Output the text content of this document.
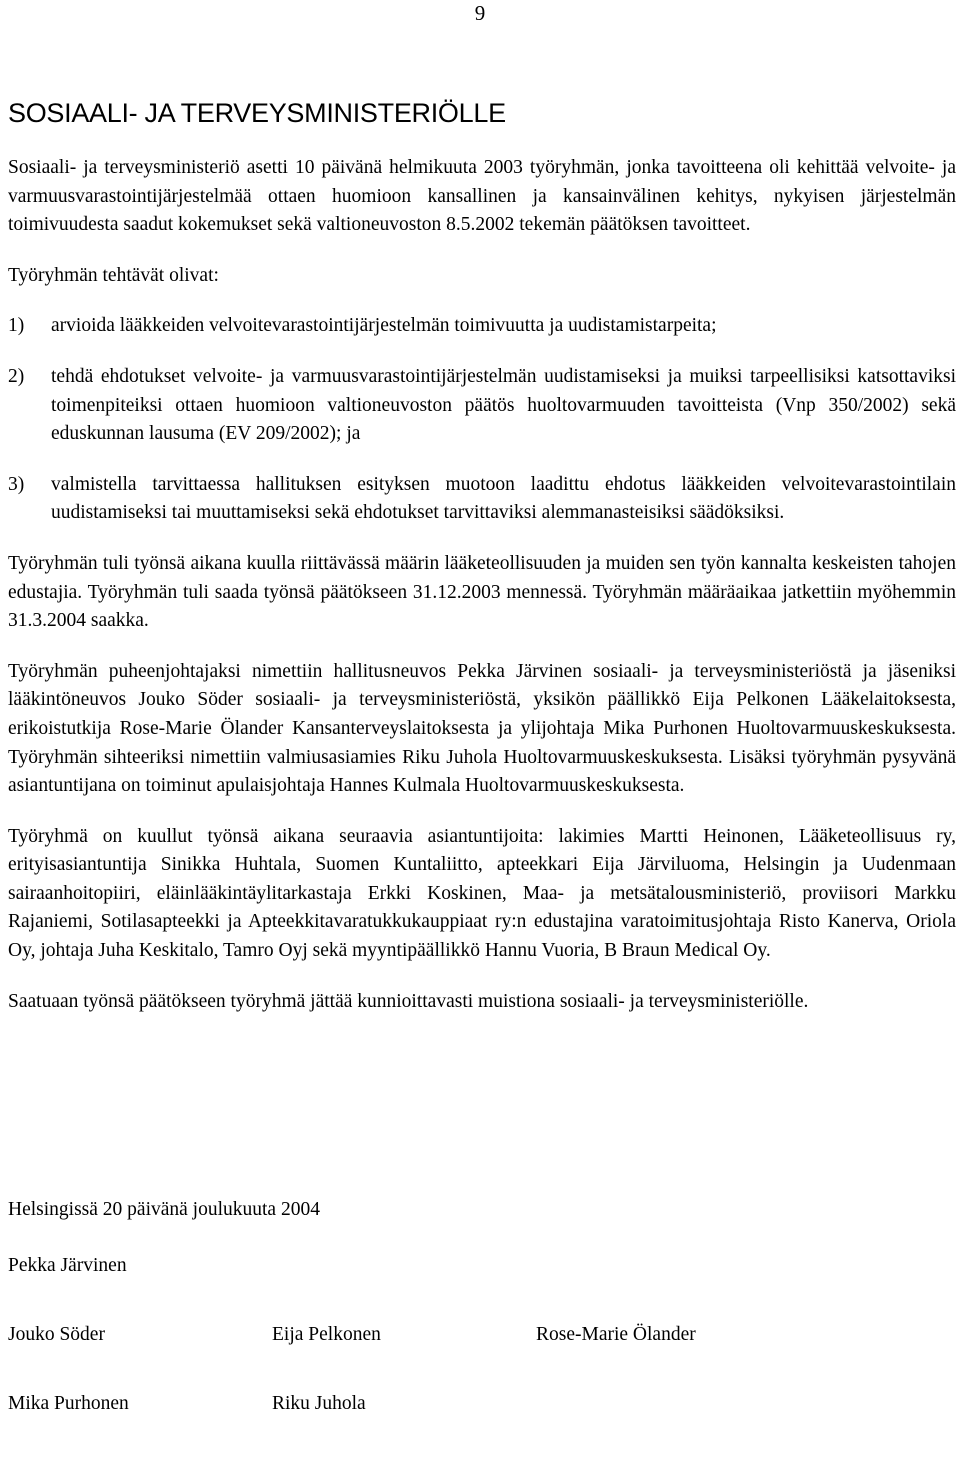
9
SOSIAALI- JA TERVEYSMINISTERIÖLLE

Sosiaali- ja terveysministeriö asetti 10 päivänä helmikuuta 2003 työryhmän, jonka tavoitteena oli kehittää velvoite- ja varmuusvarastointijärjestelmää ottaen huomioon kansallinen ja kansainvälinen kehitys, nykyisen järjestelmän toimivuudesta saadut kokemukset sekä valtioneuvoston 8.5.2002 tekemän päätöksen tavoitteet.

Työryhmän tehtävät olivat:

1) arvioida lääkkeiden velvoitevarastointijärjestelmän toimivuutta ja uudistamistarpeita;
2) tehdä ehdotukset velvoite- ja varmuusvarastointijärjestelmän uudistamiseksi ja muiksi tarpeellisiksi katsottaviksi toimenpiteiksi ottaen huomioon valtioneuvoston päätös huoltovarmuuden tavoitteista (Vnp 350/2002) sekä eduskunnan lausuma (EV 209/2002); ja
3) valmistella tarvittaessa hallituksen esityksen muotoon laadittu ehdotus lääkkeiden velvoitevarastointilain uudistamiseksi tai muuttamiseksi sekä ehdotukset tarvittaviksi alemmanasteisiksi säädöksiksi.

Työryhmän tuli työnsä aikana kuulla riittävässä määrin lääketeollisuuden ja muiden sen työn kannalta keskeisten tahojen edustajia. Työryhmän tuli saada työnsä päätökseen 31.12.2003 mennessä. Työryhmän määräaikaa jatkettiin myöhemmin 31.3.2004 saakka.

Työryhmän puheenjohtajaksi nimettiin hallitusneuvos Pekka Järvinen sosiaali- ja terveysministeriöstä ja jäseniksi lääkintöneuvos Jouko Söder sosiaali- ja terveysministeriöstä, yksikön päällikkö Eija Pelkonen Lääkelaitoksesta, erikoistutkija Rose-Marie Ölander Kansanterveyslaitoksesta ja ylijohtaja Mika Purhonen Huoltovarmuuskeskuksesta. Työryhmän sihteeriksi nimettiin valmiusasiamies Riku Juhola Huoltovarmuuskeskuksesta. Lisäksi työryhmän pysyvänä asiantuntijana on toiminut apulaisjohtaja Hannes Kulmala Huoltovarmuuskeskuksesta.

Työryhmä on kuullut työnsä aikana seuraavia asiantuntijoita: lakimies Martti Heinonen, Lääketeollisuus ry, erityisasiantuntija Sinikka Huhtala, Suomen Kuntaliitto, apteekkari Eija Järviluoma, Helsingin ja Uudenmaan sairaanhoitopiiri, eläinlääkintäylitarkastaja Erkki Koskinen, Maa- ja metsätalousministeriö, proviisori Markku Rajaniemi, Sotilasapteekki ja Apteekkitavaratukkukauppiaat ry:n edustajina varatoimitusjohtaja Risto Kanerva, Oriola Oy, johtaja Juha Keskitalo, Tamro Oyj sekä myyntipäällikkö Hannu Vuoria, B Braun Medical Oy.

Saatuaan työnsä päätökseen työryhmä jättää kunnioittavasti muistiona sosiaali- ja terveysministeriölle.

Helsingissä 20 päivänä joulukuuta 2004

Pekka Järvinen

Jouko Söder	Eija Pelkonen	Rose-Marie Ölander
Mika Purhonen	Riku Juhola
